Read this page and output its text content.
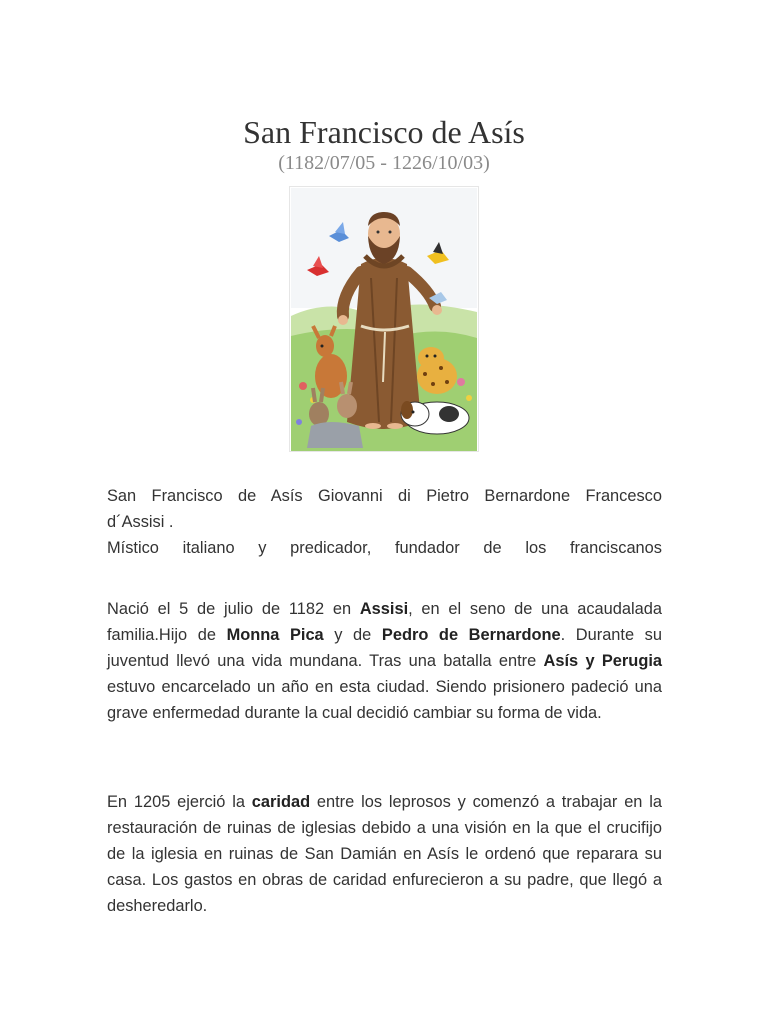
San Francisco de Asís
(1182/07/05 - 1226/10/03)
San Francisco de Asís Giovanni di Pietro Bernardone Francesco
d´Assisi .
Místico italiano y predicador, fundador de los franciscanos

Nació el 5 de julio de 1182 en Assisi, en el seno de una acaudalada familia.Hijo de Monna Pica y de Pedro de Bernardone. Durante su juventud llevó una vida mundana. Tras una batalla entre Asís y Perugia estuvo encarcelado un año en esta ciudad. Siendo prisionero padeció una grave enfermedad durante la cual decidió cambiar su forma de vida.

En 1205 ejerció la caridad entre los leprosos y comenzó a trabajar en la restauración de ruinas de iglesias debido a una visión en la que el crucifijo de la iglesia en ruinas de San Damián en Asís le ordenó que reparara su casa. Los gastos en obras de caridad enfurecieron a su padre, que llegó a desheredarlo.
